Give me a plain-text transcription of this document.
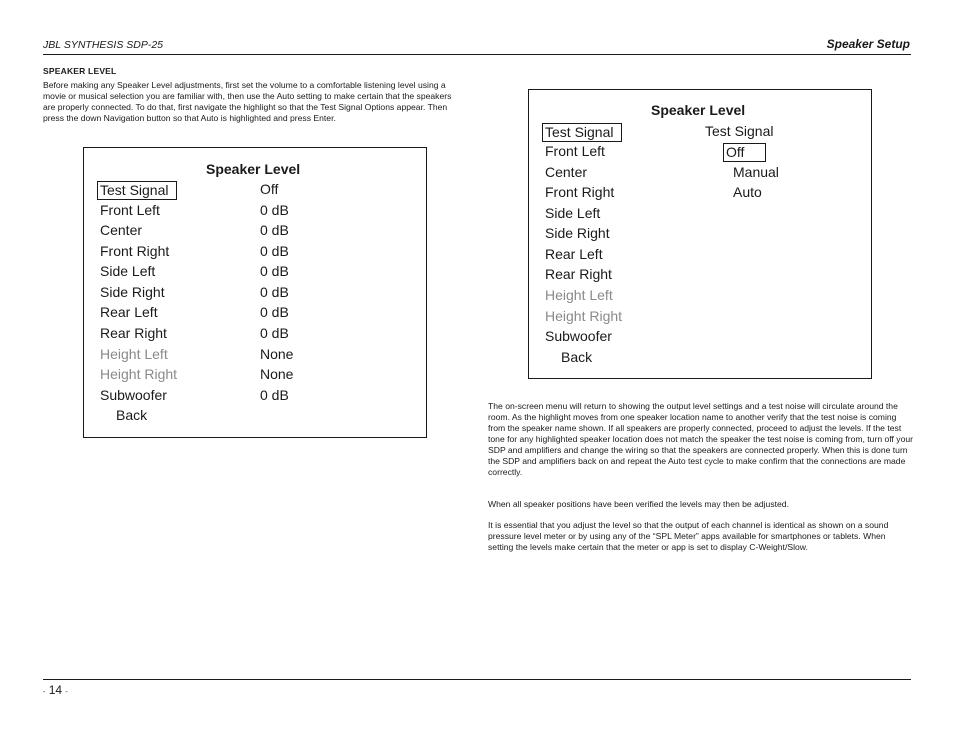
JBL SYNTHESIS SDP-25	Speaker Setup
SPEAKER LEVEL
Before making any Speaker Level adjustments, first set the volume to a comfortable listening level using a movie or musical selection you are familiar with, then use the Auto setting to make certain that the speakers are properly connected. To do that, first navigate the highlight so that the Test Signal Options appear. Then press the down Navigation button so that Auto is highlighted and press Enter.
Speaker Level
Test Signal	Off
Front Left	0 dB
Center	0 dB
Front Right	0 dB
Side Left	0 dB
Side Right	0 dB
Rear Left	0 dB
Rear Right	0 dB
Height Left	None
Height Right	None
Subwoofer	0 dB
Back
Speaker Level
Test Signal	Test Signal
Front Left	Off
Center	Manual
Front Right	Auto
Side Left
Side Right
Rear Left
Rear Right
Height Left
Height Right
Subwoofer
Back
The on-screen menu will return to showing the output level settings and a test noise will circulate around the room. As the highlight moves from one speaker location name to another verify that the test noise is coming from the speaker name shown. If all speakers are properly connected, proceed to adjust the levels. If the test tone for any highlighted speaker location does not match the speaker the test noise is coming from, turn off your SDP and amplifiers and change the wiring so that the speakers are connected properly. When this is done turn the SDP and amplifiers back on and repeat the Auto test cycle to make confirm that the connections are made correctly.
When all speaker positions have been verified the levels may then be adjusted.
It is essential that you adjust the level so that the output of each channel is identical as shown on a sound pressure level meter or by using any of the “SPL Meter” apps available for smartphones or tablets. When setting the levels make certain that the meter or app is set to display C-Weight/Slow.
- 14 -
